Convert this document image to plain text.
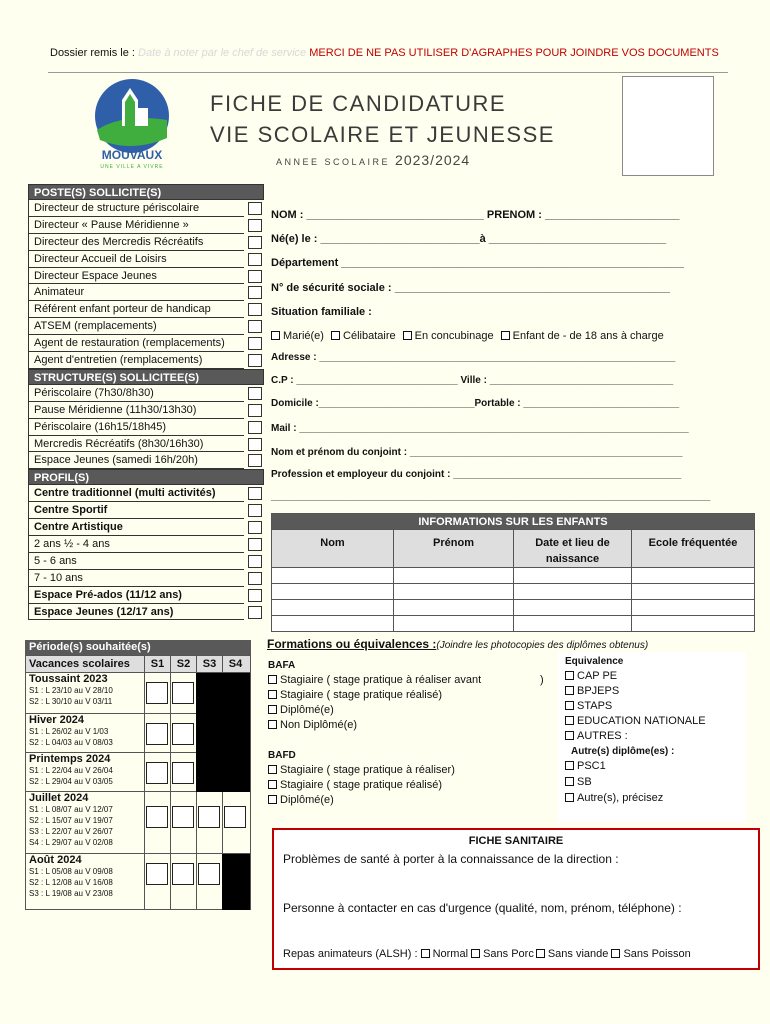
Dossier remis le : Date à noter par le chef de service MERCI DE NE PAS UTILISER D'AGRAPHES POUR JOINDRE VOS DOCUMENTS
MOUVAUX
UNE VILLE A VIVRE
FICHE DE CANDIDATURE
VIE SCOLAIRE ET JEUNESSE
ANNEE SCOLAIRE 2023/2024
POSTE(S) SOLLICITE(S)
Directeur de structure périscolaire
Directeur « Pause Méridienne »
Directeur des Mercredis Récréatifs
Directeur Accueil de Loisirs
Directeur Espace Jeunes
Animateur
Référent enfant porteur de handicap
ATSEM (remplacements)
Agent de restauration (remplacements)
Agent d'entretien (remplacements)
STRUCTURE(S) SOLLICITEE(S)
Périscolaire (7h30/8h30)
Pause Méridienne (11h30/13h30)
Périscolaire (16h15/18h45)
Mercredis Récréatifs (8h30/16h30)
Espace Jeunes (samedi 16h/20h)
PROFIL(S)
Centre traditionnel (multi activités)
Centre Sportif
Centre Artistique
2 ans ½ - 4 ans
5 - 6 ans
7 - 10 ans
Espace Pré-ados (11/12 ans)
Espace Jeunes (12/17 ans)
NOM : _____________________________ PRENOM : ______________________
Né(e) le : __________________________à _____________________________
Département ________________________________________________________
N° de sécurité sociale : _____________________________________________
Situation familiale :
Marié(e) Célibataire En concubinage Enfant de - de 18 ans à charge
Adresse : ________________________________________________________________
C.P : _____________________________ Ville : _________________________________
Domicile :____________________________Portable : ____________________________
Mail : ______________________________________________________________________
Nom et prénom du conjoint : _________________________________________________
Profession et employeur du conjoint : _________________________________________
_______________________________________________________________________________
INFORMATIONS SUR LES ENFANTS			
Nom	Prénom	Date et lieu de naissance	Ecole fréquentée

Période(s) souhaitée(s)
Vacances scolaires	S1	S2	S3	S4
Toussaint 2023
S1 : L 23/10 au V 28/10
S2 : L 30/10 au V 03/11
Hiver 2024
S1 : L 26/02 au V 1/03
S2 : L 04/03 au V 08/03
Printemps 2024
S1 : L 22/04 au V 26/04
S2 : L 29/04 au V 03/05
Juillet 2024
S1 : L 08/07 au V 12/07
S2 : L 15/07 au V 19/07
S3 : L 22/07 au V 26/07
S4 : L 29/07 au V 02/08
Août 2024
S1 : L 05/08 au V 09/08
S2 : L 12/08 au V 16/08
S3 : L 19/08 au V 23/08
Formations ou équivalences :(Joindre les photocopies des diplômes obtenus)
BAFA
Stagiaire ( stage pratique à réaliser avant
Stagiaire ( stage pratique réalisé)
Diplômé(e)
Non Diplômé(e)
)
BAFD
Stagiaire ( stage pratique à réaliser)
Stagiaire ( stage pratique réalisé)
Diplômé(e)
Equivalence
CAP PE
BPJEPS
STAPS
EDUCATION NATIONALE
AUTRES :
Autre(s) diplôme(es) :
PSC1
SB
Autre(s), précisez
FICHE SANITAIRE
Problèmes de santé à porter à la connaissance de la direction :
Personne à contacter en cas d'urgence (qualité, nom, prénom, téléphone) :
Repas animateurs (ALSH) : Normal Sans Porc Sans viande Sans Poisson
